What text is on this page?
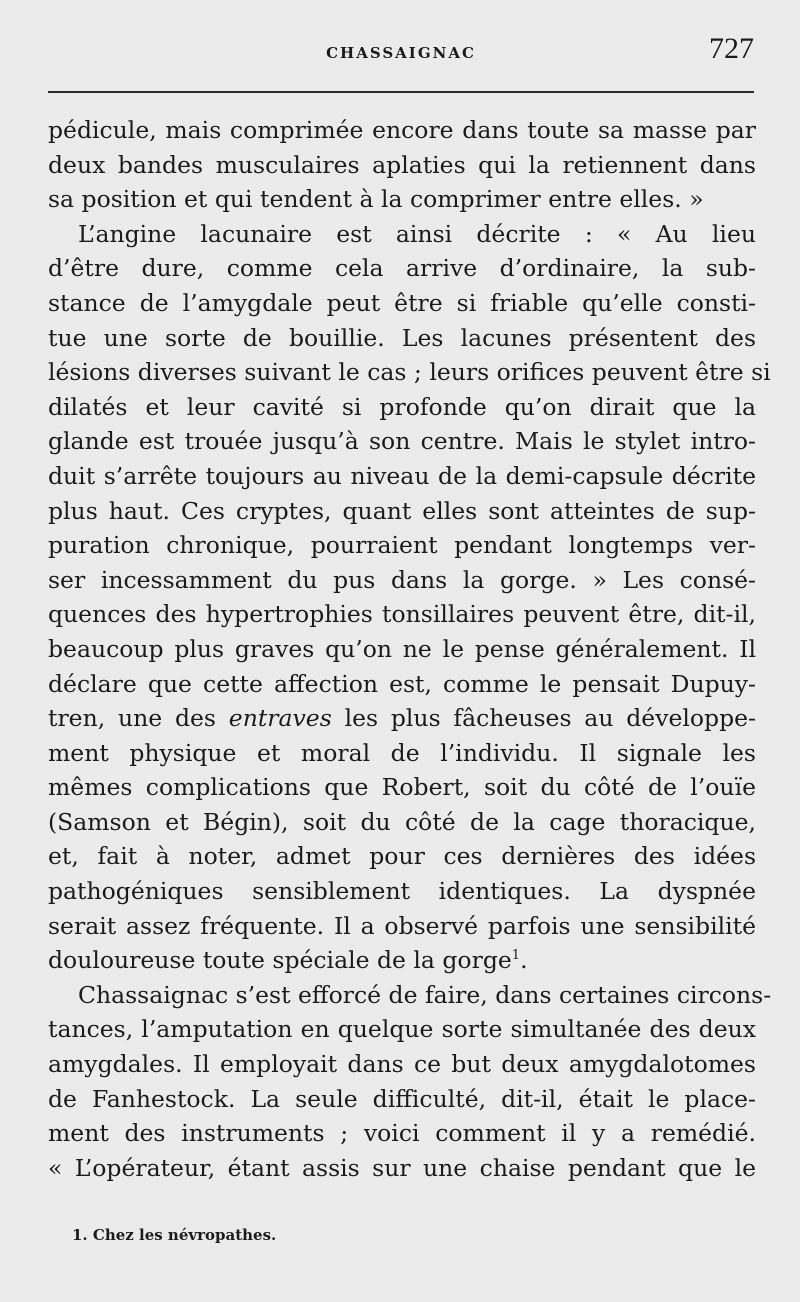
CHASSAIGNAC	727
pédicule, mais comprimée encore dans toute sa masse par
deux bandes musculaires aplaties qui la retiennent dans
sa position et qui tendent à la comprimer entre elles. »
L’angine lacunaire est ainsi décrite : « Au lieu
d’être dure, comme cela arrive d’ordinaire, la sub-
stance de l’amygdale peut être si friable qu’elle consti-
tue une sorte de bouillie. Les lacunes présentent des
lésions diverses suivant le cas ; leurs orifices peuvent être si
dilatés et leur cavité si profonde qu’on dirait que la
glande est trouée jusqu’à son centre. Mais le stylet intro-
duit s’arrête toujours au niveau de la demi-capsule décrite
plus haut. Ces cryptes, quant elles sont atteintes de sup-
puration chronique, pourraient pendant longtemps ver-
ser incessamment du pus dans la gorge. » Les consé-
quences des hypertrophies tonsillaires peuvent être, dit-il,
beaucoup plus graves qu’on ne le pense généralement. Il
déclare que cette affection est, comme le pensait Dupuy-
tren, une des entraves les plus fâcheuses au développe-
ment physique et moral de l’individu. Il signale les
mêmes complications que Robert, soit du côté de l’ouïe
(Samson et Bégin), soit du côté de la cage thoracique,
et, fait à noter, admet pour ces dernières des idées
pathogéniques sensiblement identiques. La dyspnée
serait assez fréquente. Il a observé parfois une sensibilité
douloureuse toute spéciale de la gorge$^1$.
Chassaignac s’est efforcé de faire, dans certaines circons-
tances, l’amputation en quelque sorte simultanée des deux
amygdales. Il employait dans ce but deux amygdalotomes
de Fanhestock. La seule difficulté, dit-il, était le place-
ment des instruments ; voici comment il y a remédié.
« L’opérateur, étant assis sur une chaise pendant que le
1. Chez les névropathes.
